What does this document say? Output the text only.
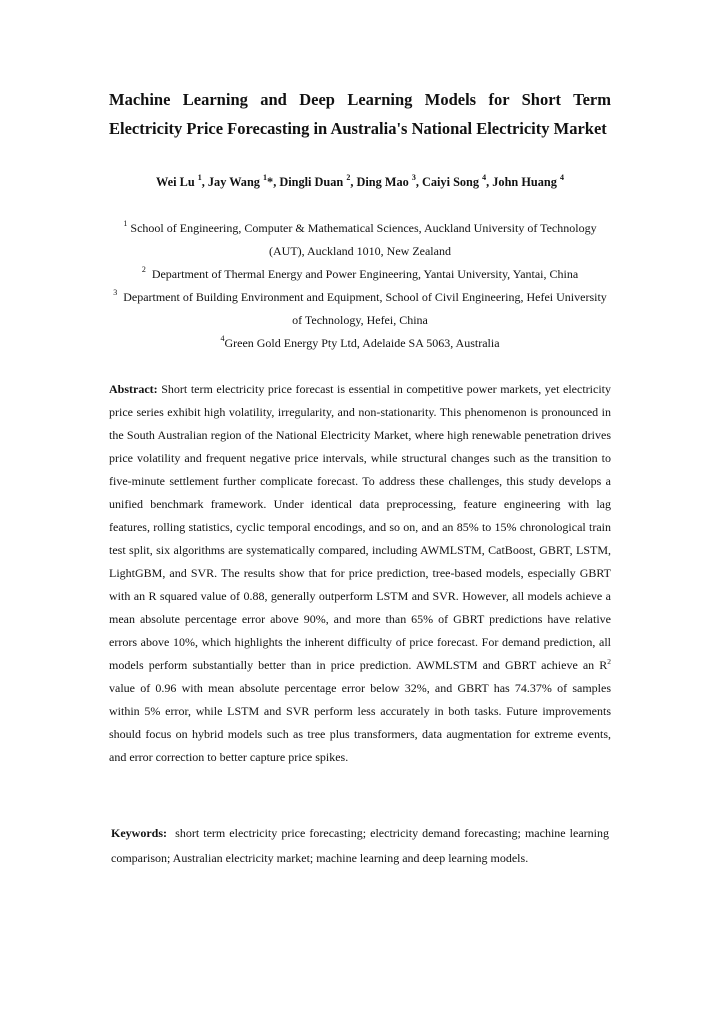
Machine Learning and Deep Learning Models for Short Term Electricity Price Forecasting in Australia's National Electricity Market

Wei Lu $^1$, Jay Wang $^1$*, Dingli Duan $^2$, Ding Mao $^3$, Caiyi Song $^4$, John Huang $^4$

$^1$ School of Engineering, Computer & Mathematical Sciences, Auckland University of Technology (AUT), Auckland 1010, New Zealand

$^2$ Department of Thermal Energy and Power Engineering, Yantai University, Yantai, China

$^3$ Department of Building Environment and Equipment, School of Civil Engineering, Hefei University of Technology, Hefei, China

$^4$Green Gold Energy Pty Ltd, Adelaide SA 5063, Australia

Abstract: Short term electricity price forecast is essential in competitive power markets, yet electricity price series exhibit high volatility, irregularity, and non-stationarity. This phenomenon is pronounced in the South Australian region of the National Electricity Market, where high renewable penetration drives price volatility and frequent negative price intervals, while structural changes such as the transition to five-minute settlement further complicate forecast. To address these challenges, this study develops a unified benchmark framework. Under identical data preprocessing, feature engineering with lag features, rolling statistics, cyclic temporal encodings, and so on, and an 85% to 15% chronological train test split, six algorithms are systematically compared, including AWMLSTM, CatBoost, GBRT, LSTM, LightGBM, and SVR. The results show that for price prediction, tree-based models, especially GBRT with an R squared value of 0.88, generally outperform LSTM and SVR. However, all models achieve a mean absolute percentage error above 90%, and more than 65% of GBRT predictions have relative errors above 10%, which highlights the inherent difficulty of price forecast. For demand prediction, all models perform substantially better than in price prediction. AWMLSTM and GBRT achieve an $R^2$ value of 0.96 with mean absolute percentage error below 32%, and GBRT has 74.37% of samples within 5% error, while LSTM and SVR perform less accurately in both tasks. Future improvements should focus on hybrid models such as tree plus transformers, data augmentation for extreme events, and error correction to better capture price spikes.

Keywords: short term electricity price forecasting; electricity demand forecasting; machine learning comparison; Australian electricity market; machine learning and deep learning models.
